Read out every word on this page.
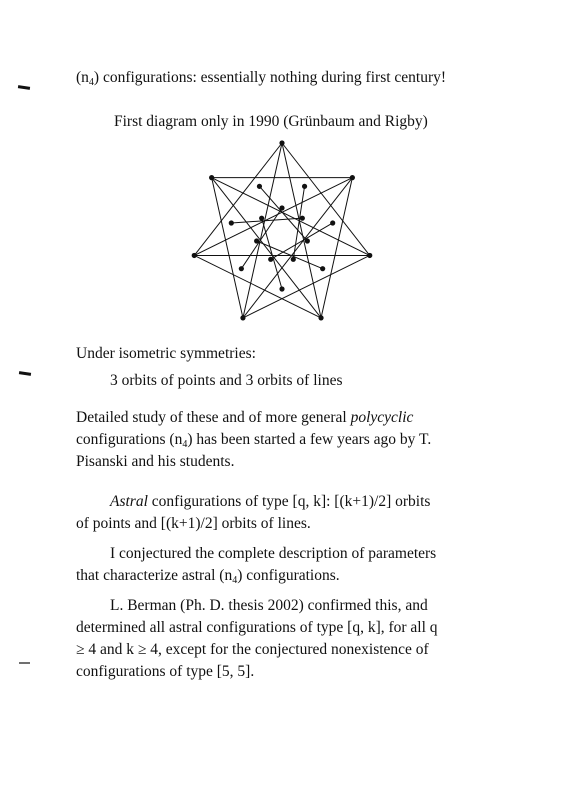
$(n_4)$ configurations: essentially nothing during first century!
First diagram only in 1990 (Grünbaum and Rigby)
Under isometric symmetries:
3 orbits of points and 3 orbits of lines
Detailed study of these and of more general polycyclic
configurations $(n_4)$ has been started a few years ago by T.
Pisanski and his students.
Astral configurations of type [q, k]: [(k+1)/2] orbits
of points and [(k+1)/2] orbits of lines.
I conjectured the complete description of parameters
that characterize astral $(n_4)$ configurations.
L. Berman (Ph. D. thesis 2002) confirmed this, and
determined all astral configurations of type [q, k], for all q
≥ 4 and k ≥ 4, except for the conjectured nonexistence of
configurations of type [5, 5].
